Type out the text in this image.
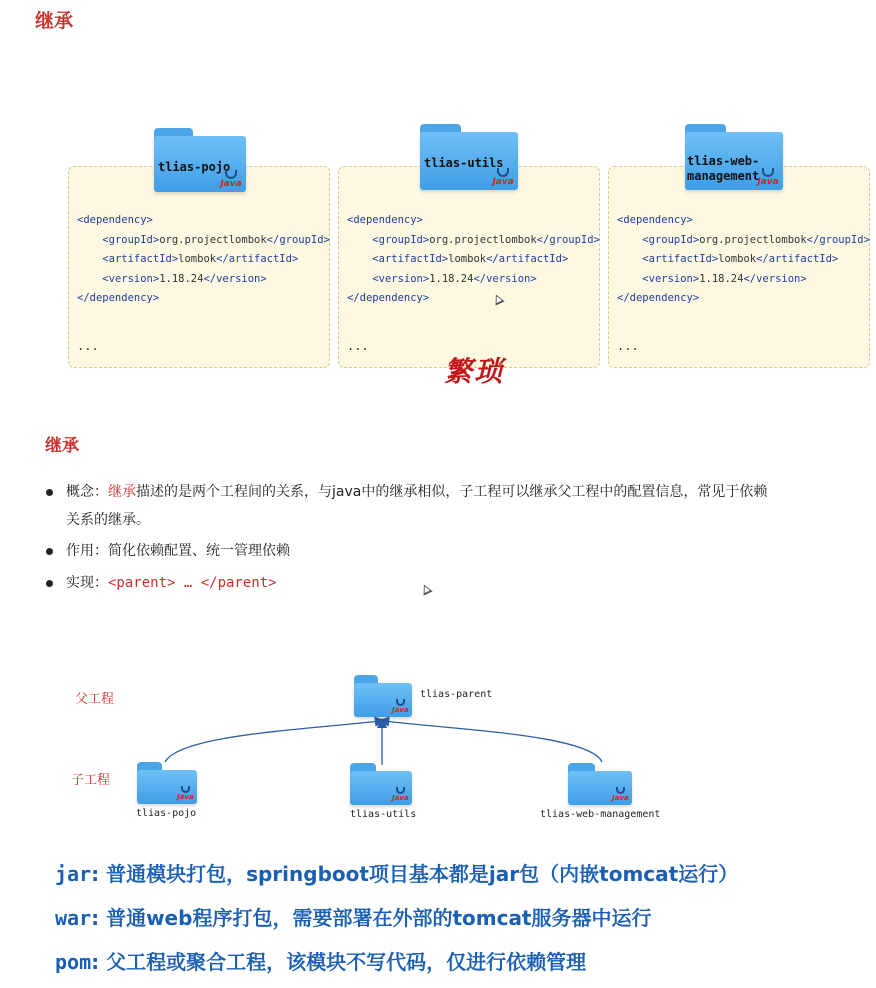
继承
<dependency>
<groupId>org.projectlombok</groupId>
<artifactId>lombok</artifactId>
<version>1.18.24</version>
</dependency>
...
<dependency>
<groupId>org.projectlombok</groupId>
<artifactId>lombok</artifactId>
<version>1.18.24</version>
</dependency>
...
<dependency>
<groupId>org.projectlombok</groupId>
<artifactId>lombok</artifactId>
<version>1.18.24</version>
</dependency>
...
tlias-pojo
Java
tlias-utils
Java
tlias-web-
management
Java
繁琐
继承
概念：继承描述的是两个工程间的关系，与java中的继承相似，子工程可以继承父工程中的配置信息，常见于依赖
关系的继承。
作用：简化依赖配置、统一管理依赖
实现：<parent> … </parent>
父工程
子工程
Java
tlias-parent
Java
tlias-pojo
Java
tlias-utils
Java
tlias-web-management
jar: 普通模块打包，springboot项目基本都是jar包（内嵌tomcat运行）
war: 普通web程序打包，需要部署在外部的tomcat服务器中运行
pom: 父工程或聚合工程，该模块不写代码，仅进行依赖管理
